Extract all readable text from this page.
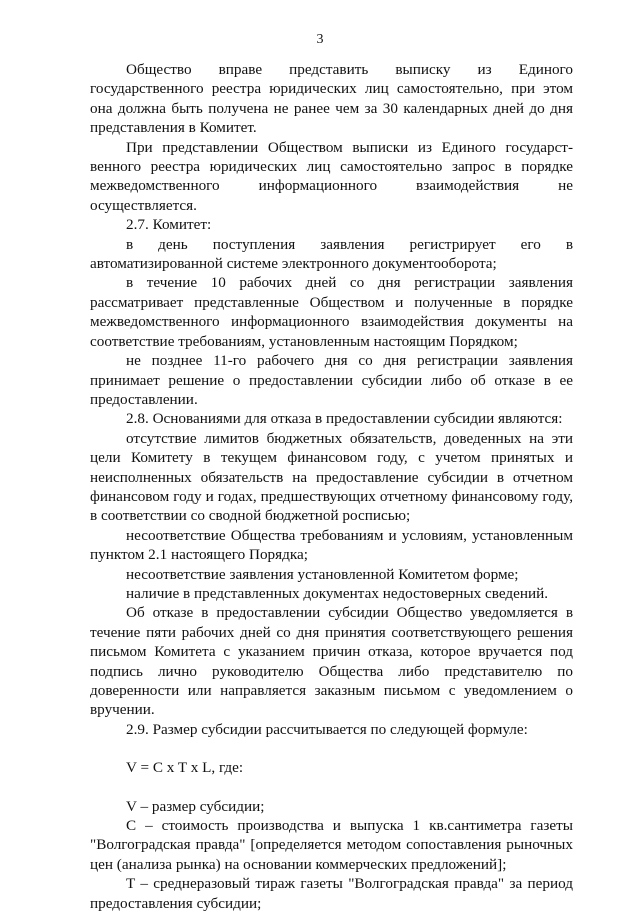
3

Общество вправе представить выписку из Единого государственного реестра юридических лиц самостоятельно, при этом она должна быть получена не ранее чем за 30 календарных дней до дня представления в Комитет.

При представлении Обществом выписки из Единого государст-венного реестра юридических лиц самостоятельно запрос в порядке межведомственного информационного взаимодействия не осуществляется.

2.7. Комитет:

в день поступления заявления регистрирует его в автоматизированной системе электронного документооборота;

в течение 10 рабочих дней со дня регистрации заявления рассматривает представленные Обществом и полученные в порядке межведомственного информационного взаимодействия документы на соответствие требованиям, установленным настоящим Порядком;

не позднее 11-го рабочего дня со дня регистрации заявления принимает решение о предоставлении субсидии либо об отказе в ее предоставлении.

2.8. Основаниями для отказа в предоставлении субсидии являются:

отсутствие лимитов бюджетных обязательств, доведенных на эти цели Комитету в текущем финансовом году, с учетом принятых и неисполненных обязательств на предоставление субсидии в отчетном финансовом году и годах, предшествующих отчетному финансовому году, в соответствии со сводной бюджетной росписью;

несоответствие Общества требованиям и условиям, установленным пунктом 2.1 настоящего Порядка;

несоответствие заявления установленной Комитетом форме;

наличие в представленных документах недостоверных сведений.

Об отказе в предоставлении субсидии Общество уведомляется в течение пяти рабочих дней со дня принятия соответствующего решения письмом Комитета с указанием причин отказа, которое вручается под подпись лично руководителю Общества либо представителю по доверенности или направляется заказным письмом с уведомлением о вручении.

2.9. Размер субсидии рассчитывается по следующей формуле:

V = C x T x L, где:

V – размер субсидии;

C – стоимость производства и выпуска 1 кв.сантиметра газеты "Волгоградская правда" [определяется методом сопоставления рыночных цен (анализа рынка) на основании коммерческих предложений];

T – среднеразовый тираж газеты "Волгоградская правда" за период предоставления субсидии;
